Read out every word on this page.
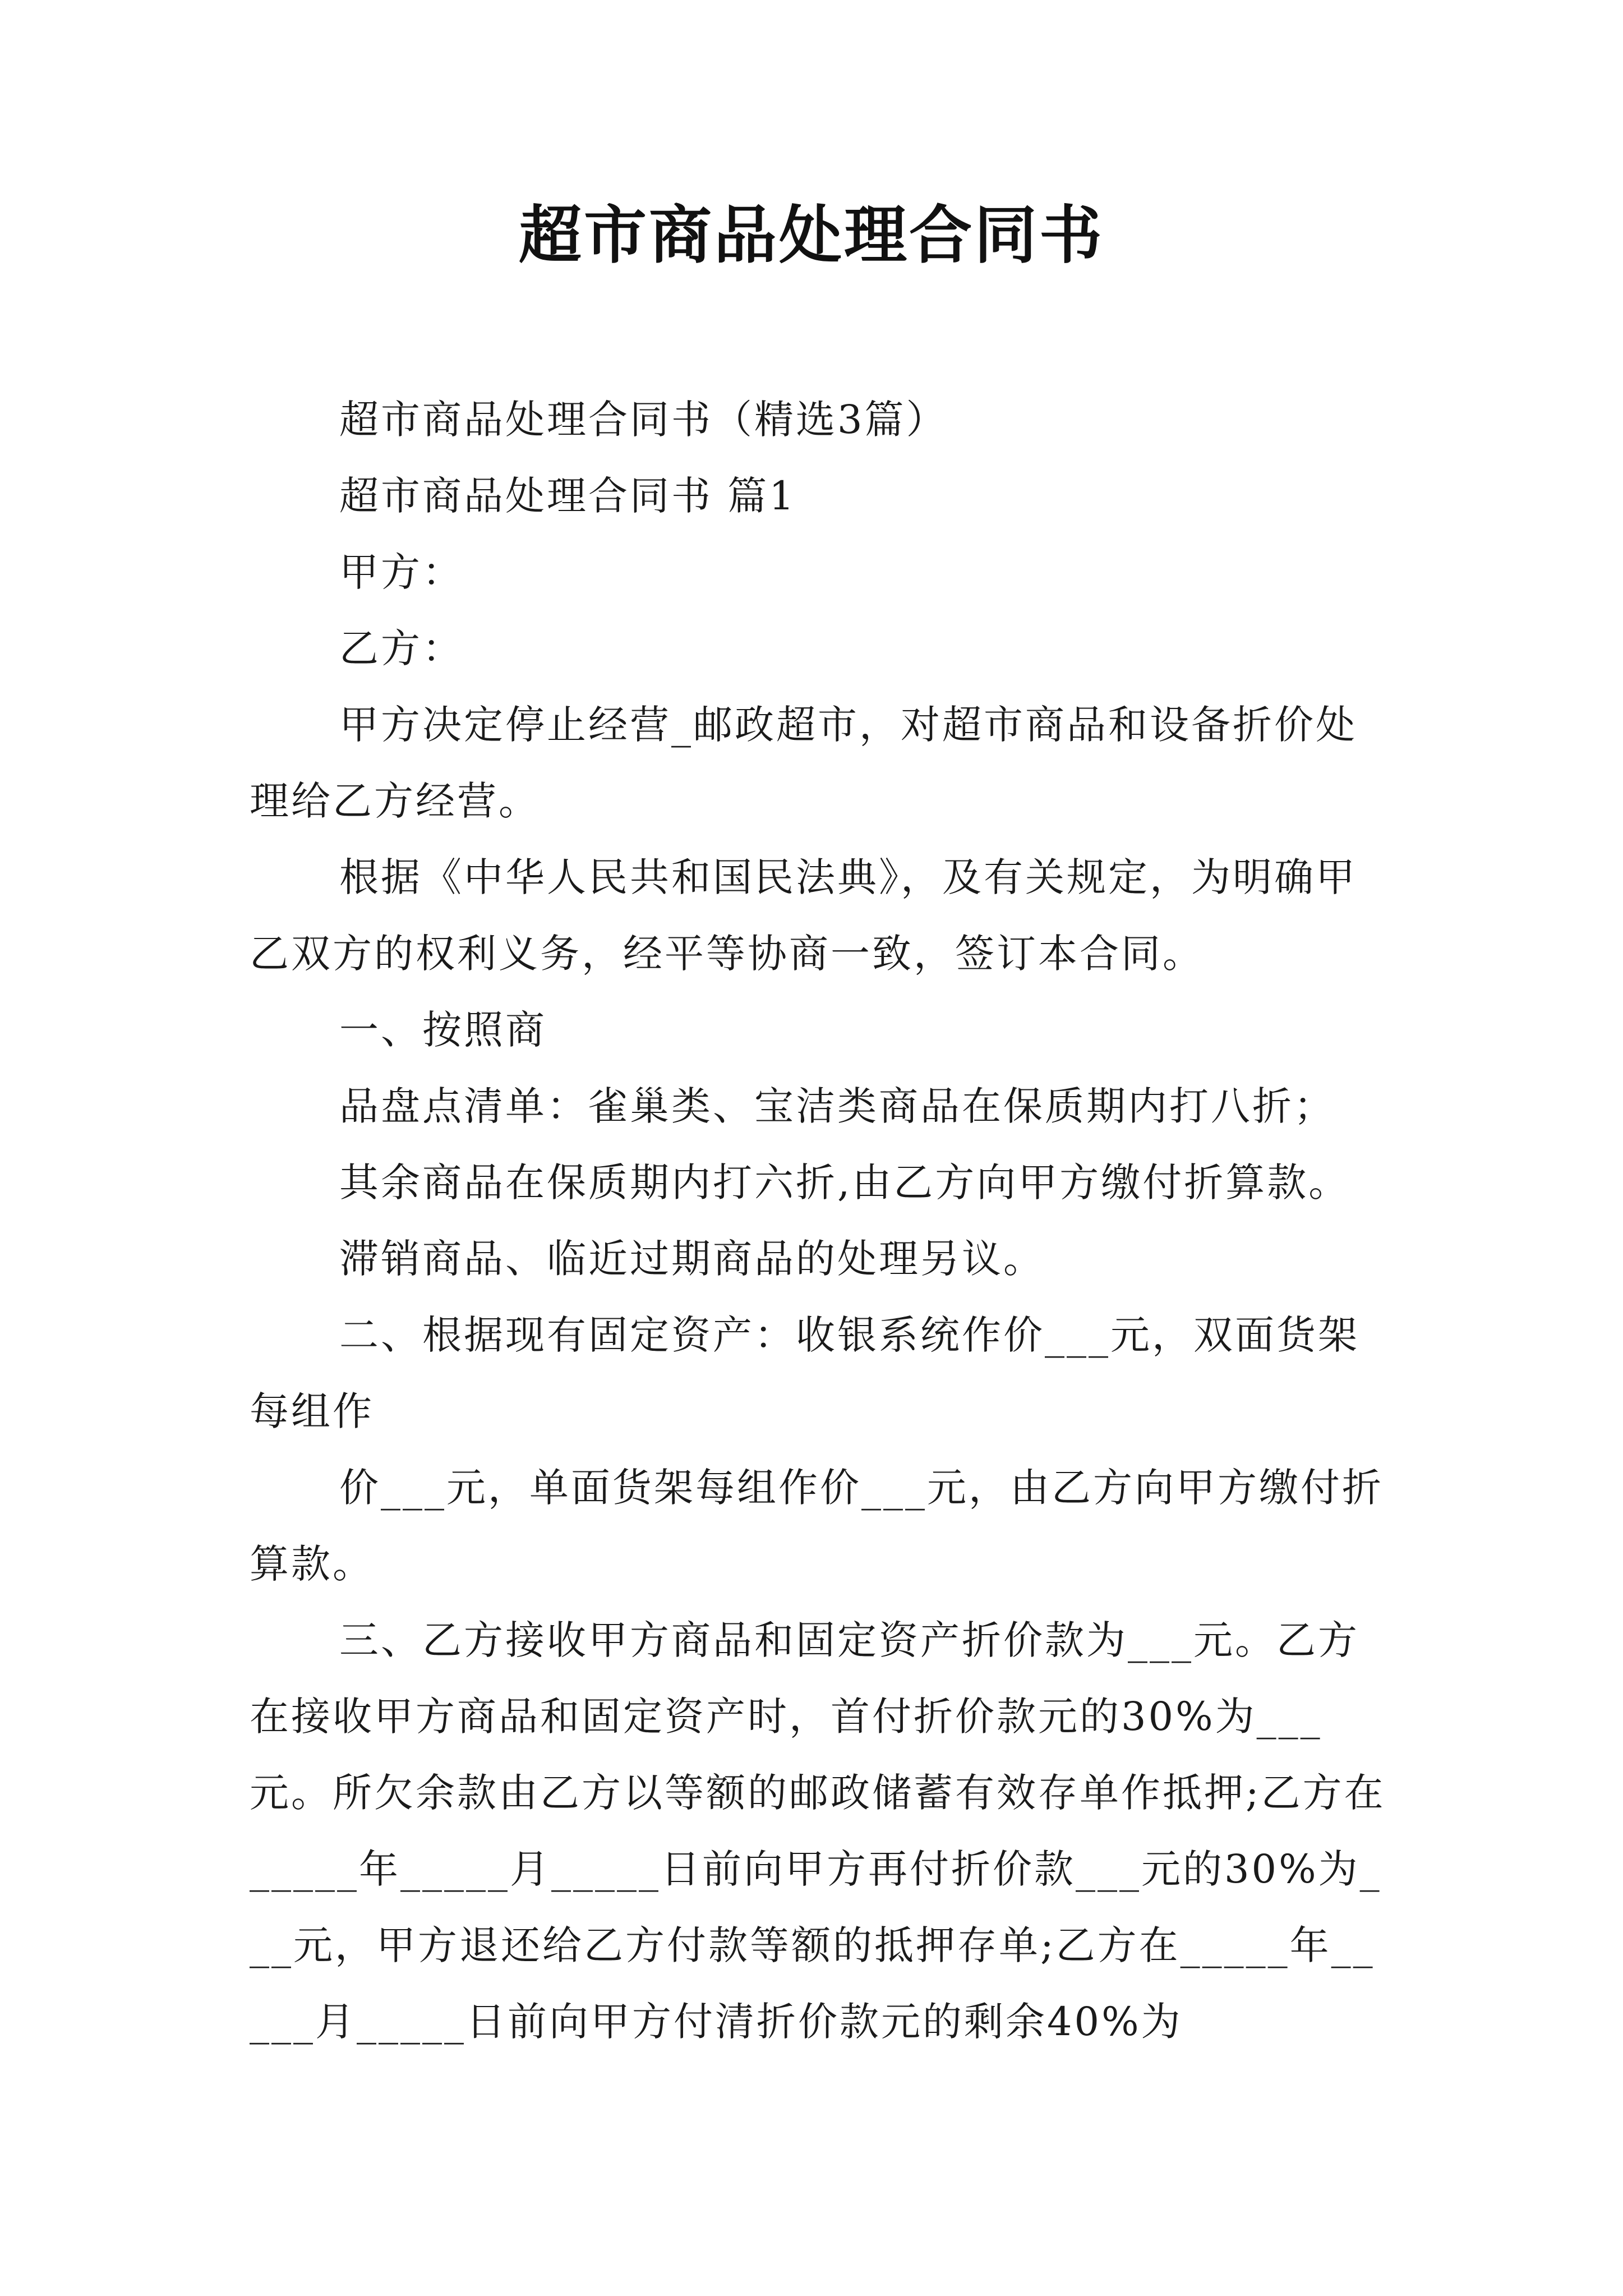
超市商品处理合同书

超市商品处理合同书（精选3篇）

超市商品处理合同书 篇1

甲方：

乙方：

甲方决定停止经营_邮政超市，对超市商品和设备折价处理给乙方经营。

根据《中华人民共和国民法典》，及有关规定，为明确甲乙双方的权利义务，经平等协商一致，签订本合同。

一、按照商

品盘点清单：雀巢类、宝洁类商品在保质期内打八折；

其余商品在保质期内打六折,由乙方向甲方缴付折算款。

滞销商品、临近过期商品的处理另议。

二、根据现有固定资产：收银系统作价___元，双面货架每组作

价___元，单面货架每组作价___元，由乙方向甲方缴付折算款。

三、乙方接收甲方商品和固定资产折价款为___元。乙方在接收甲方商品和固定资产时，首付折价款元的30%为___元。所欠余款由乙方以等额的邮政储蓄有效存单作抵押;乙方在 _____年_____月_____日前向甲方再付折价款___元的30%为___元，甲方退还给乙方付款等额的抵押存单;乙方在_____年_____月_____日前向甲方付清折价款元的剩余40%为
